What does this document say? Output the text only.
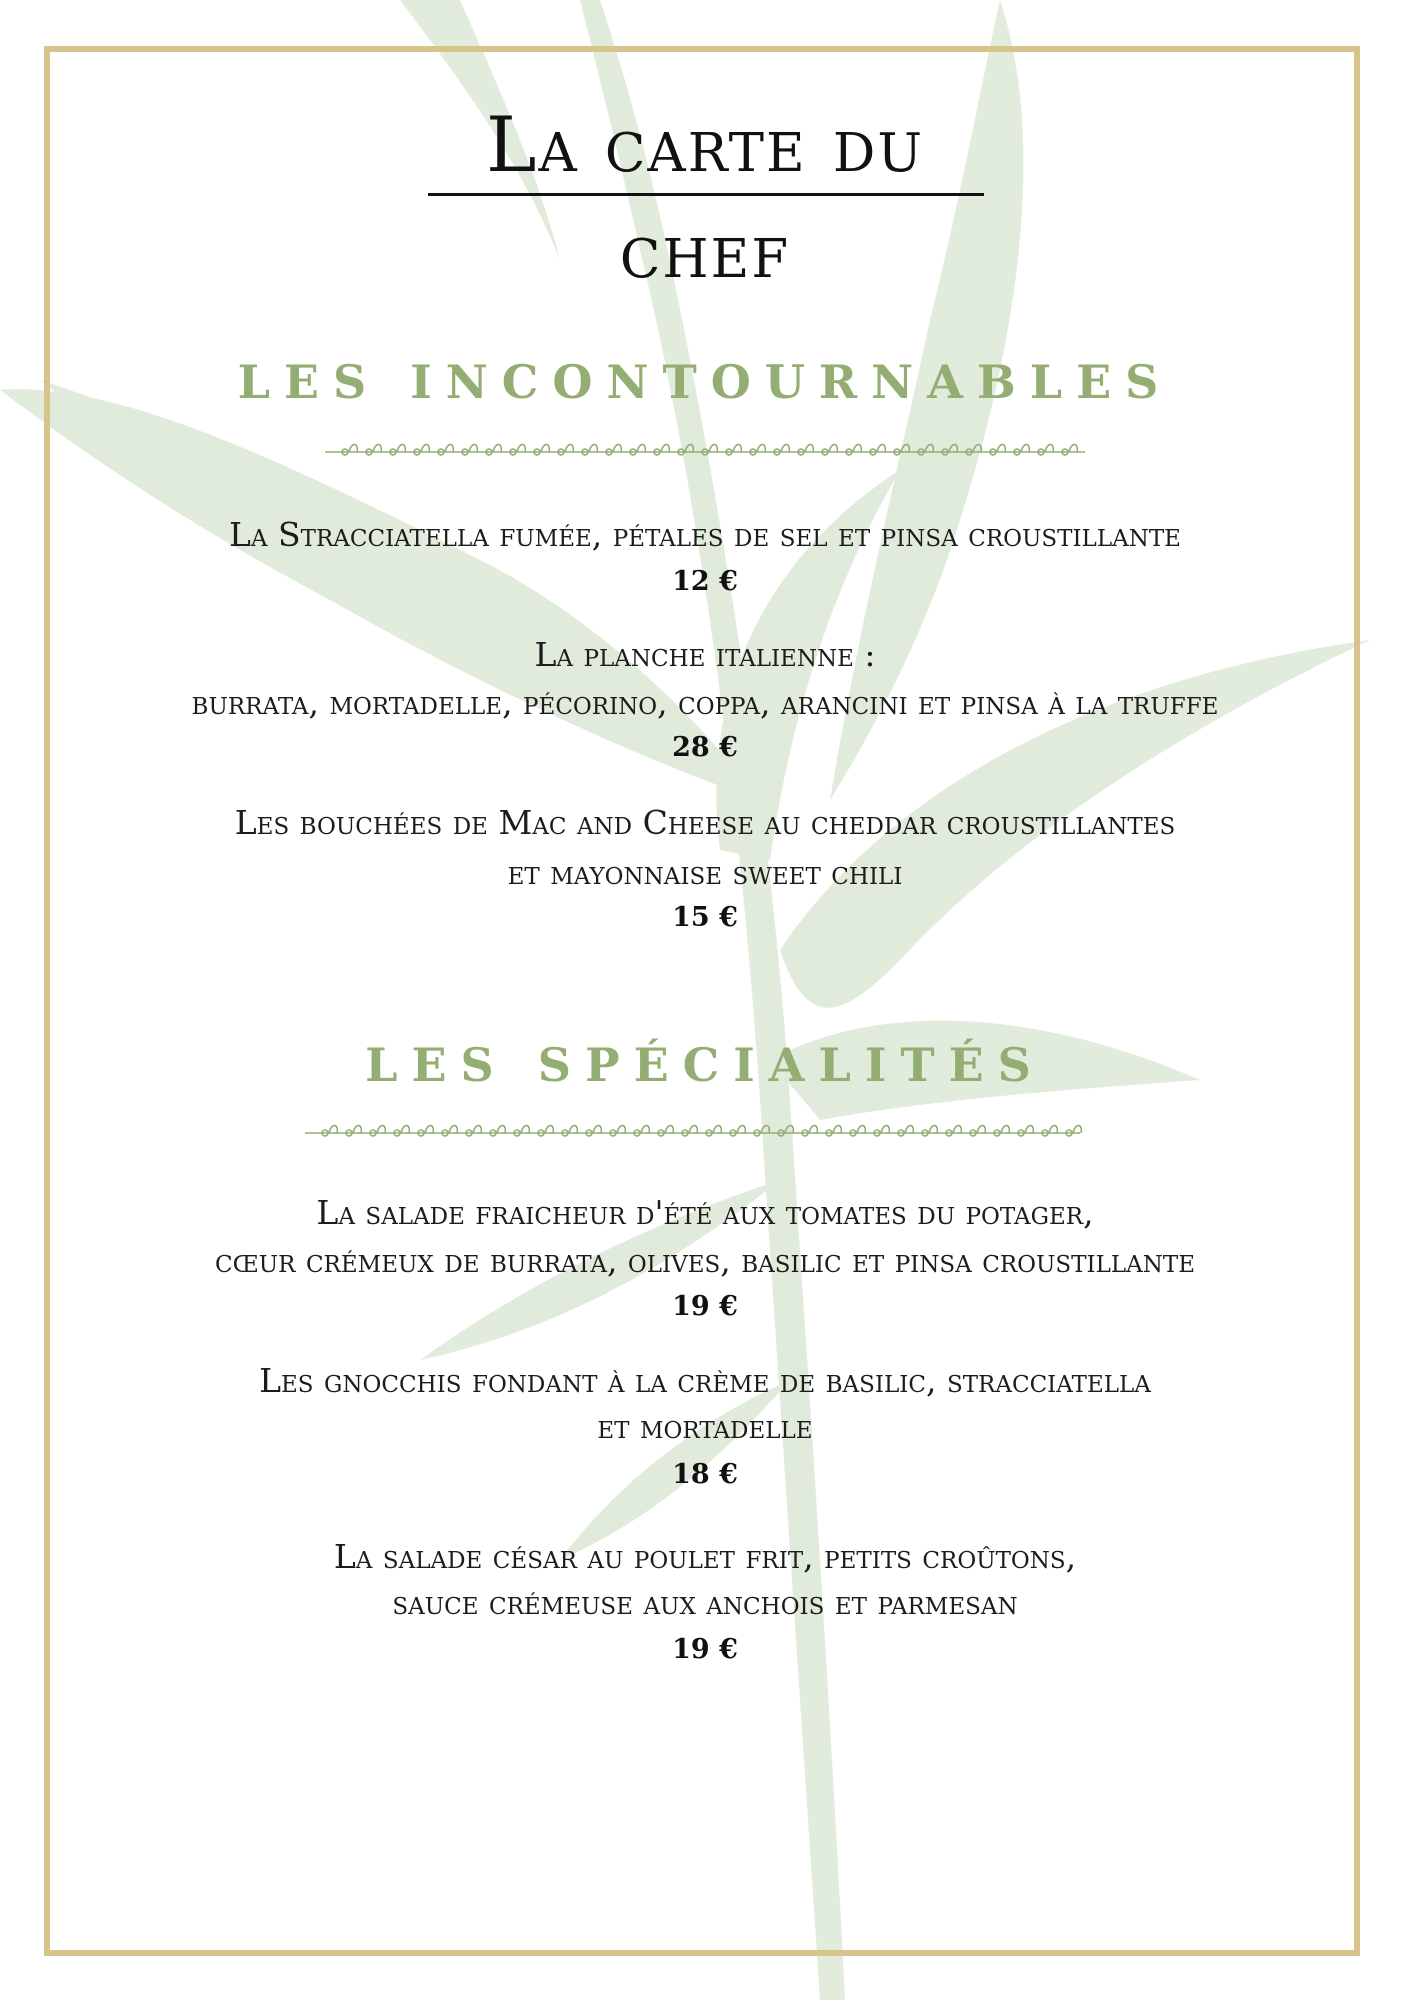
La carte du
chef
LES INCONTOURNABLES
La Stracciatella fumée, pétales de sel et pinsa croustillante
12 €
La planche italienne :
burrata, mortadelle, pécorino, coppa, arancini et pinsa à la truffe
28 €
Les bouchées de Mac and Cheese au cheddar croustillantes
et mayonnaise sweet chili
15 €
LES SPÉCIALITÉS
La salade fraicheur d'été aux tomates du potager,
cœur crémeux de burrata, olives, basilic et pinsa croustillante
19 €
Les gnocchis fondant à la crème de basilic, stracciatella
et mortadelle
18 €
La salade césar au poulet frit, petits croûtons,
sauce crémeuse aux anchois et parmesan
19 €
